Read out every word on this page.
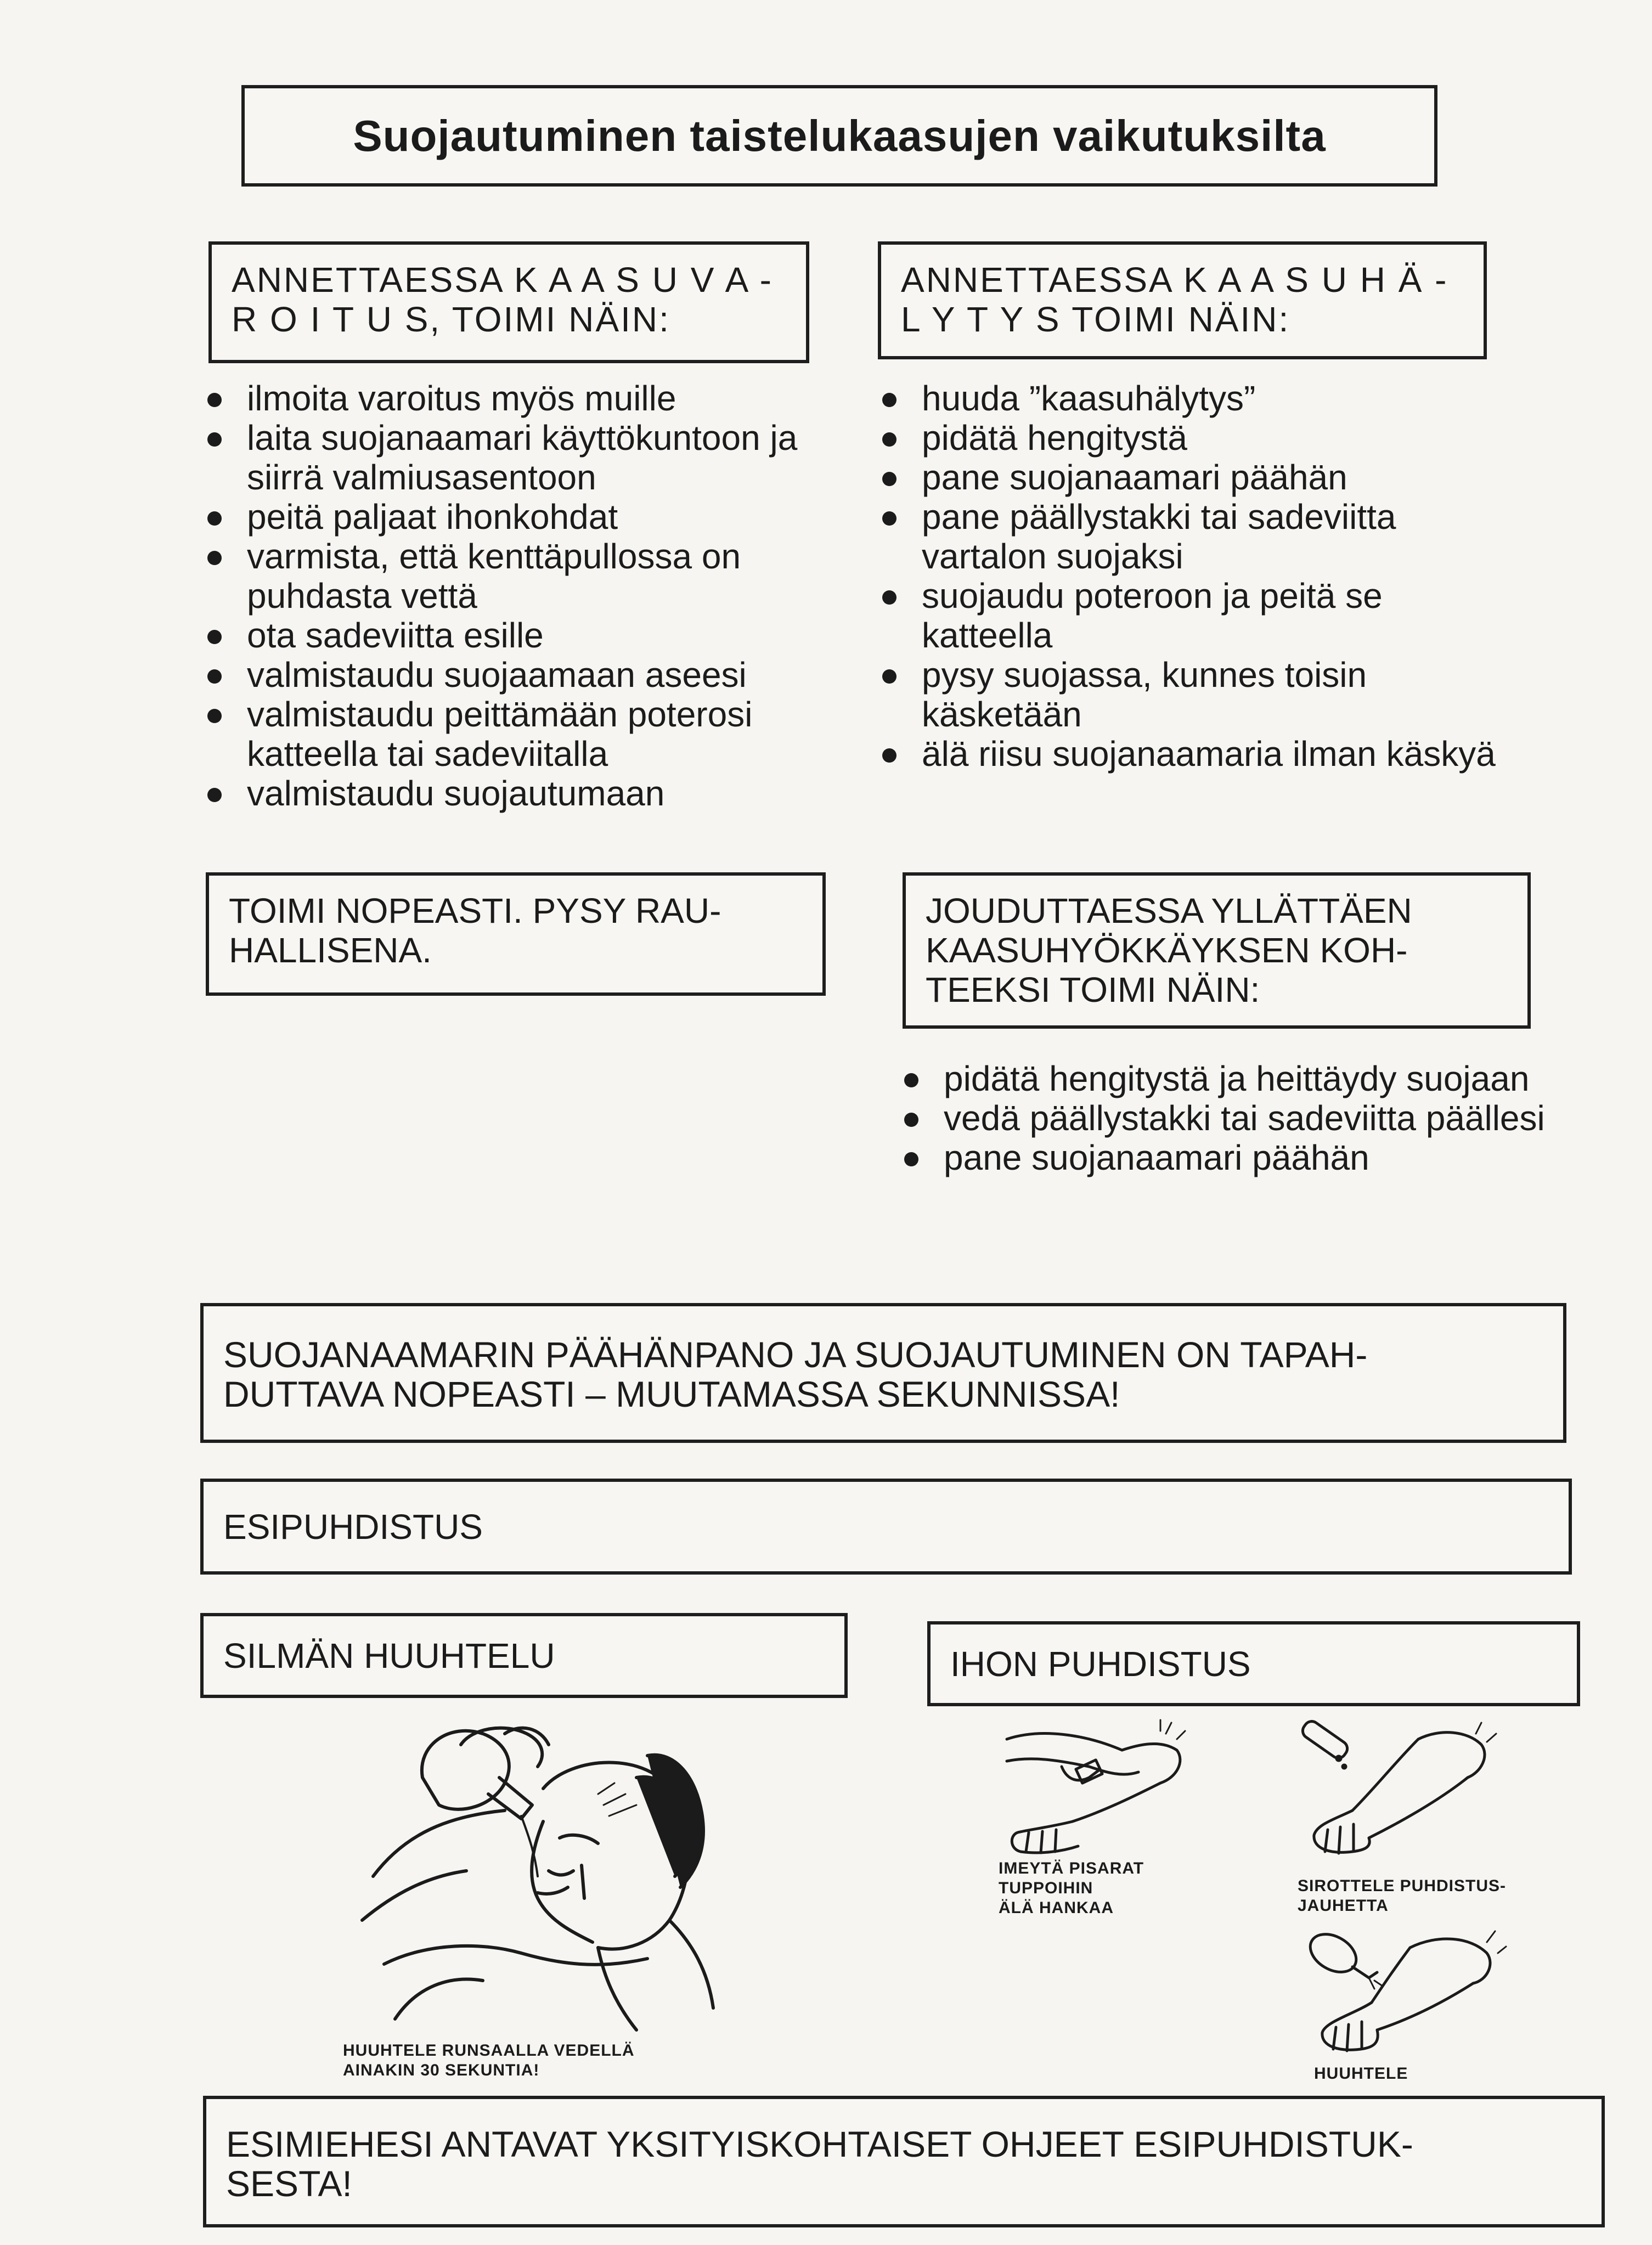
Suojautuminen taistelukaasujen vaikutuksilta
ANNETTAESSA K A A S U V A -
R O I T U S, TOIMI NÄIN:
ANNETTAESSA K A A S U H Ä -
L Y T Y S TOIMI NÄIN:
ilmoita varoitus myös muille
laita suojanaamari käyttökuntoon ja siirrä valmiusasentoon
peitä paljaat ihonkohdat
varmista, että kenttäpullossa on puhdasta vettä
ota sadeviitta esille
valmistaudu suojaamaan aseesi
valmistaudu peittämään poterosi katteella tai sadeviitalla
valmistaudu suojautumaan
huuda ”kaasuhälytys”
pidätä hengitystä
pane suojanaamari päähän
pane päällystakki tai sadeviitta vartalon suojaksi
suojaudu poteroon ja peitä se katteella
pysy suojassa, kunnes toisin käsketään
älä riisu suojanaamaria ilman käskyä
TOIMI NOPEASTI. PYSY RAU-
HALLISENA.
JOUDUTTAESSA YLLÄTTÄEN
KAASUHYÖKKÄYKSEN KOH-
TEEKSI TOIMI NÄIN:
pidätä hengitystä ja heittäydy suojaan
vedä päällystakki tai sadeviitta päällesi
pane suojanaamari päähän
SUOJANAAMARIN PÄÄHÄNPANO JA SUOJAUTUMINEN ON TAPAH-
DUTTAVA NOPEASTI – MUUTAMASSA SEKUNNISSA!
ESIPUHDISTUS
SILMÄN HUUHTELU	IHON PUHDISTUS
HUUHTELE RUNSAALLA VEDELLÄ
AINAKIN 30 SEKUNTIA!
IMEYTÄ PISARAT
TUPPOIHIN
ÄLÄ HANKAA
SIROTTELE PUHDISTUS-
JAUHETTA
HUUHTELE
ESIMIEHESI ANTAVAT YKSITYISKOHTAISET OHJEET ESIPUHDISTUK-
SESTA!
